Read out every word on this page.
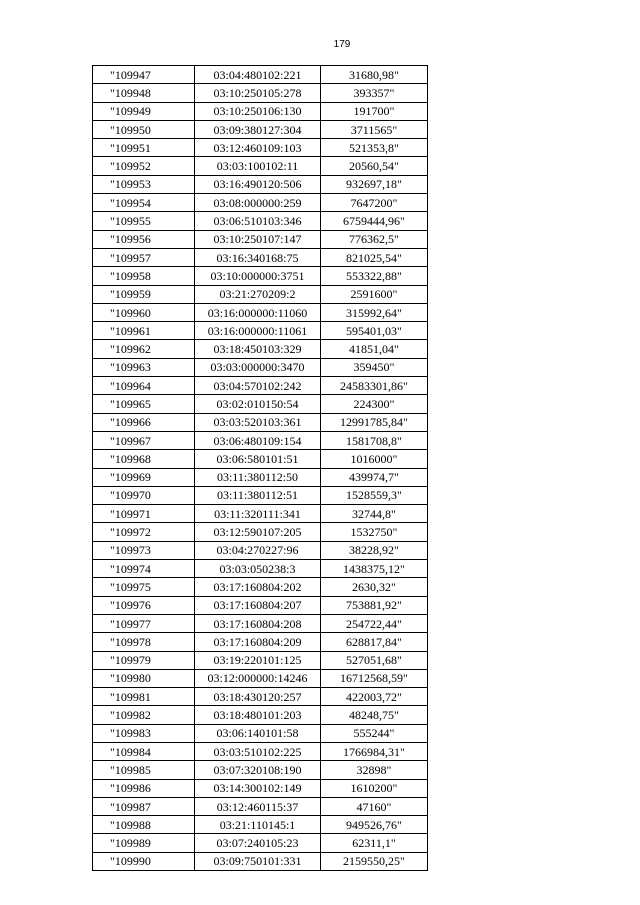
179
"109947	03:04:480102:221	31680,98"
"109948	03:10:250105:278	393357"
"109949	03:10:250106:130	191700"
"109950	03:09:380127:304	3711565"
"109951	03:12:460109:103	521353,8"
"109952	03:03:100102:11	20560,54"
"109953	03:16:490120:506	932697,18"
"109954	03:08:000000:259	7647200"
"109955	03:06:510103:346	6759444,96"
"109956	03:10:250107:147	776362,5"
"109957	03:16:340168:75	821025,54"
"109958	03:10:000000:3751	553322,88"
"109959	03:21:270209:2	2591600"
"109960	03:16:000000:11060	315992,64"
"109961	03:16:000000:11061	595401,03"
"109962	03:18:450103:329	41851,04"
"109963	03:03:000000:3470	359450"
"109964	03:04:570102:242	24583301,86"
"109965	03:02:010150:54	224300"
"109966	03:03:520103:361	12991785,84"
"109967	03:06:480109:154	1581708,8"
"109968	03:06:580101:51	1016000"
"109969	03:11:380112:50	439974,7"
"109970	03:11:380112:51	1528559,3"
"109971	03:11:320111:341	32744,8"
"109972	03:12:590107:205	1532750"
"109973	03:04:270227:96	38228,92"
"109974	03:03:050238:3	1438375,12"
"109975	03:17:160804:202	2630,32"
"109976	03:17:160804:207	753881,92"
"109977	03:17:160804:208	254722,44"
"109978	03:17:160804:209	628817,84"
"109979	03:19:220101:125	527051,68"
"109980	03:12:000000:14246	16712568,59"
"109981	03:18:430120:257	422003,72"
"109982	03:18:480101:203	48248,75"
"109983	03:06:140101:58	555244"
"109984	03:03:510102:225	1766984,31"
"109985	03:07:320108:190	32898"
"109986	03:14:300102:149	1610200"
"109987	03:12:460115:37	47160"
"109988	03:21:110145:1	949526,76"
"109989	03:07:240105:23	62311,1"
"109990	03:09:750101:331	2159550,25"
